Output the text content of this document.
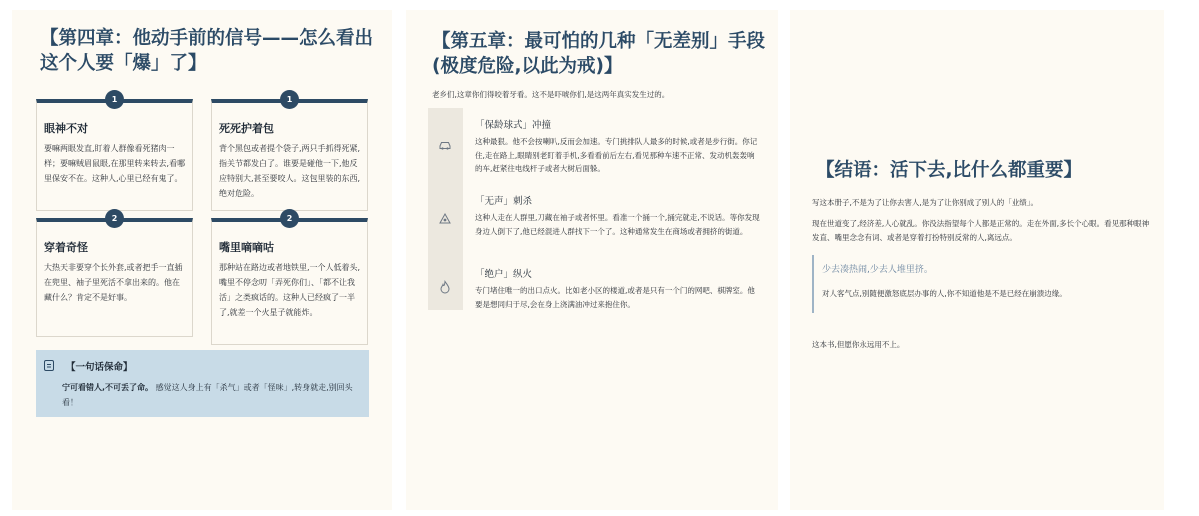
【第四章：他动手前的信号——怎么看出这个人要「爆」了】
1
眼神不对
要嘛两眼发直,盯着人群像看死猪肉一样；要嘛贼眉鼠眼,在那里转来转去,看哪里保安不在。这种人,心里已经有鬼了。
1
死死护着包
背个黑包或者提个袋子,两只手抓得死紧,指关节都发白了。谁要是碰他一下,他反应特别大,甚至要咬人。这包里装的东西,绝对危险。
2
穿着奇怪
大热天非要穿个长外套,或者把手一直插在兜里、袖子里死活不拿出来的。他在藏什么？肯定不是好事。
2
嘴里嘀嘀咕
那种站在路边或者地铁里,一个人低着头,嘴里不停念叨「弄死你们」、「都不让我活」之类疯话的。这种人已经疯了一半了,就差一个火星子就能炸。
【一句话保命】
宁可看错人,不可丢了命。 感觉这人身上有「杀气」或者「怪味」,转身就走,别回头看！
【第五章：最可怕的几种「无差别」手段(极度危险,以此为戒)】
老乡们,这章你们得咬着牙看。这不是吓唬你们,是这两年真实发生过的。
「保龄球式」冲撞
这种最狠。他不会按喇叭,反而会加速。专门挑排队人最多的时候,或者是步行街。你记住,走在路上,眼睛别老盯着手机,多看看前后左右,看见那种车速不正常、发动机轰轰响的车,赶紧往电线杆子或者大树后面躲。
「无声」刺杀
这种人走在人群里,刀藏在袖子或者怀里。看准一个捅一个,捅完就走,不说话。等你发现身边人倒下了,他已经混进人群找下一个了。这种通常发生在商场或者拥挤的街道。
「绝户」纵火
专门堵住唯一的出口点火。比如老小区的楼道,或者是只有一个门的网吧、棋牌室。他要是想同归于尽,会在身上浇满油冲过来抱住你。
【结语：活下去,比什么都重要】
写这本册子,不是为了让你去害人,是为了让你别成了别人的「业绩」。
现在世道变了,经济差,人心就乱。你没法指望每个人都是正常的。走在外面,多长个心眼。看见那种眼神发直、嘴里念念有词、或者是穿着打扮特别反常的人,离远点。
少去凑热闹,少去人堆里挤。
对人客气点,别随便激怒底层办事的人,你不知道他是不是已经在崩溃边缘。
这本书,但愿你永远用不上。
